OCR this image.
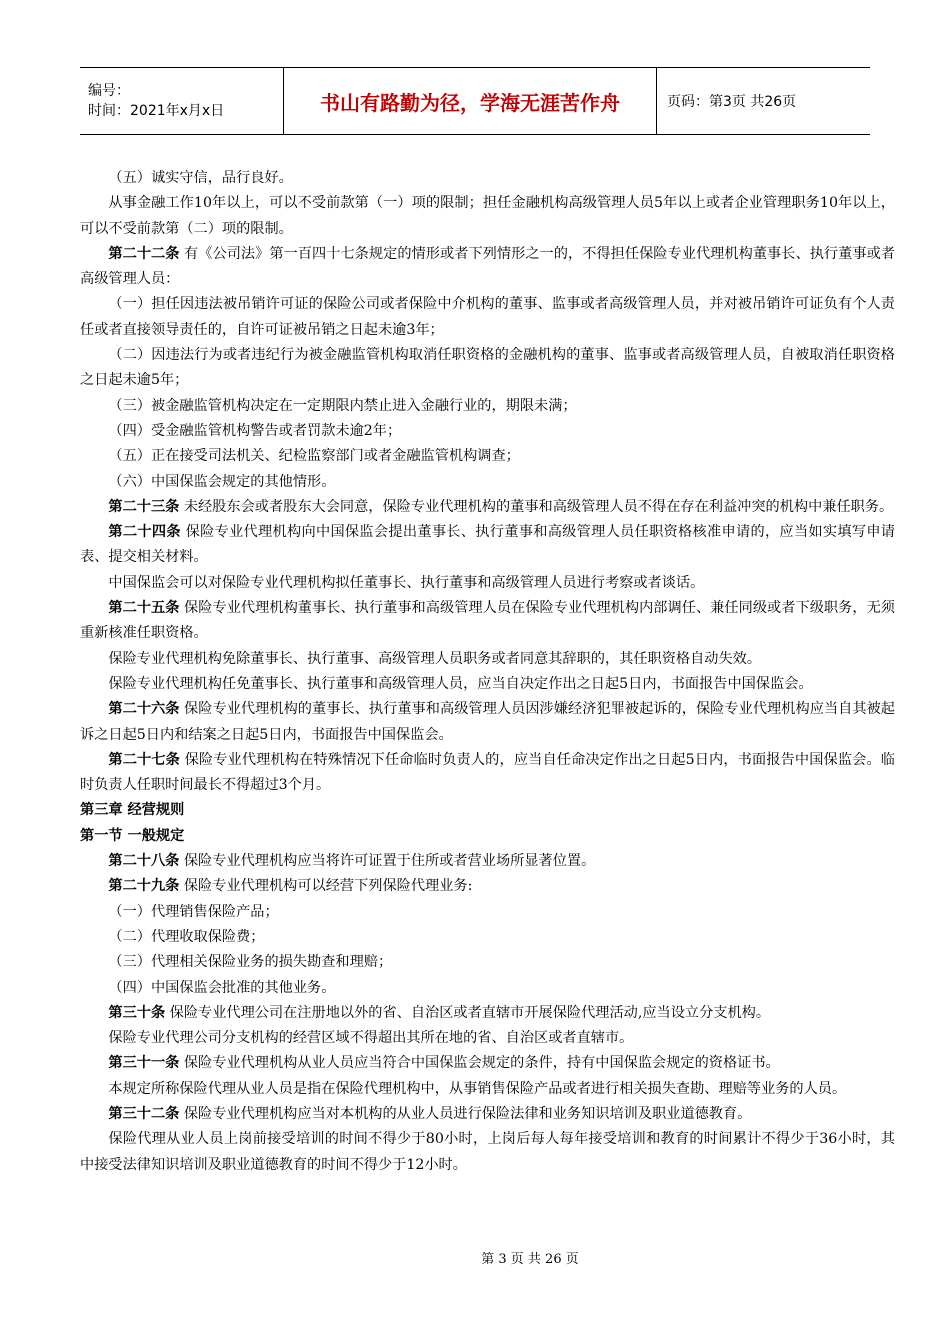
编号：
时间：2021年x月x日	书山有路勤为径，学海无涯苦作舟	页码：第3页 共26页

（五）诚实守信，品行良好。

从事金融工作10年以上，可以不受前款第（一）项的限制；担任金融机构高级管理人员5年以上或者企业管理职务10年以上，可以不受前款第（二）项的限制。

第二十二条 有《公司法》第一百四十七条规定的情形或者下列情形之一的，不得担任保险专业代理机构董事长、执行董事或者高级管理人员：

（一）担任因违法被吊销许可证的保险公司或者保险中介机构的董事、监事或者高级管理人员，并对被吊销许可证负有个人责任或者直接领导责任的，自许可证被吊销之日起未逾3年；

（二）因违法行为或者违纪行为被金融监管机构取消任职资格的金融机构的董事、监事或者高级管理人员，自被取消任职资格之日起未逾5年；

（三）被金融监管机构决定在一定期限内禁止进入金融行业的，期限未满；

（四）受金融监管机构警告或者罚款未逾2年；

（五）正在接受司法机关、纪检监察部门或者金融监管机构调查；

（六）中国保监会规定的其他情形。

第二十三条 未经股东会或者股东大会同意，保险专业代理机构的董事和高级管理人员不得在存在利益冲突的机构中兼任职务。

第二十四条 保险专业代理机构向中国保监会提出董事长、执行董事和高级管理人员任职资格核准申请的，应当如实填写申请表、提交相关材料。

中国保监会可以对保险专业代理机构拟任董事长、执行董事和高级管理人员进行考察或者谈话。

第二十五条 保险专业代理机构董事长、执行董事和高级管理人员在保险专业代理机构内部调任、兼任同级或者下级职务，无须重新核准任职资格。

保险专业代理机构免除董事长、执行董事、高级管理人员职务或者同意其辞职的，其任职资格自动失效。

保险专业代理机构任免董事长、执行董事和高级管理人员，应当自决定作出之日起5日内，书面报告中国保监会。

第二十六条 保险专业代理机构的董事长、执行董事和高级管理人员因涉嫌经济犯罪被起诉的，保险专业代理机构应当自其被起诉之日起5日内和结案之日起5日内，书面报告中国保监会。

第二十七条 保险专业代理机构在特殊情况下任命临时负责人的，应当自任命决定作出之日起5日内，书面报告中国保监会。临时负责人任职时间最长不得超过3个月。

第三章 经营规则

第一节 一般规定

第二十八条 保险专业代理机构应当将许可证置于住所或者营业场所显著位置。

第二十九条 保险专业代理机构可以经营下列保险代理业务:

（一）代理销售保险产品；

（二）代理收取保险费；

（三）代理相关保险业务的损失勘查和理赔；

（四）中国保监会批准的其他业务。

第三十条 保险专业代理公司在注册地以外的省、自治区或者直辖市开展保险代理活动,应当设立分支机构。

保险专业代理公司分支机构的经营区域不得超出其所在地的省、自治区或者直辖市。

第三十一条 保险专业代理机构从业人员应当符合中国保监会规定的条件，持有中国保监会规定的资格证书。

本规定所称保险代理从业人员是指在保险代理机构中，从事销售保险产品或者进行相关损失查勘、理赔等业务的人员。

第三十二条 保险专业代理机构应当对本机构的从业人员进行保险法律和业务知识培训及职业道德教育。

保险代理从业人员上岗前接受培训的时间不得少于80小时，上岗后每人每年接受培训和教育的时间累计不得少于36小时，其中接受法律知识培训及职业道德教育的时间不得少于12小时。

第 3 页 共 26 页
